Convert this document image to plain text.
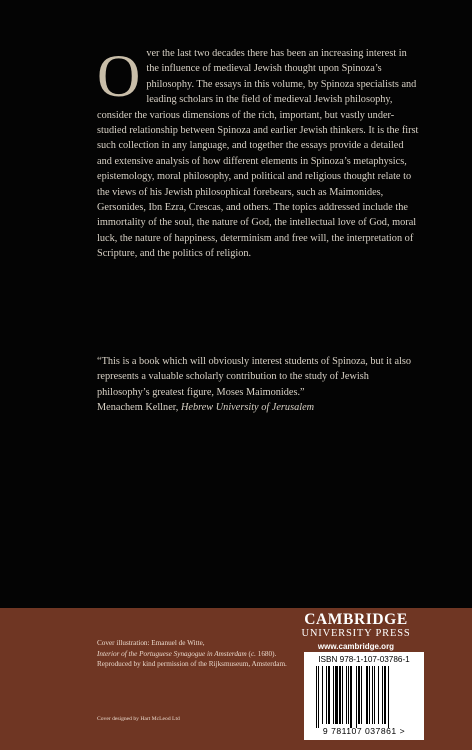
Over the last two decades there has been an increasing interest in the influence of medieval Jewish thought upon Spinoza’s philosophy. The essays in this volume, by Spinoza specialists and leading scholars in the field of medieval Jewish philosophy, consider the various dimensions of the rich, important, but vastly under-studied relationship between Spinoza and earlier Jewish thinkers. It is the first such collection in any language, and together the essays provide a detailed and extensive analysis of how different elements in Spinoza’s metaphysics, epistemology, moral philosophy, and political and religious thought relate to the views of his Jewish philosophical forebears, such as Maimonides, Gersonides, Ibn Ezra, Crescas, and others. The topics addressed include the immortality of the soul, the nature of God, the intellectual love of God, moral luck, the nature of happiness, determinism and free will, the interpretation of Scripture, and the politics of religion.
“This is a book which will obviously interest students of Spinoza, but it also represents a valuable scholarly contribution to the study of Jewish philosophy’s greatest figure, Moses Maimonides.”
Menachem Kellner, Hebrew University of Jerusalem
Cover illustration: Emanuel de Witte,
Interior of the Portuguese Synagogue in Amsterdam (c. 1680). Reproduced by kind permission of the Rijksmuseum, Amsterdam.
Cover designed by Hart McLeod Ltd
CAMBRIDGE
UNIVERSITY PRESS
www.cambridge.org
ISBN 978-1-107-03786-1
9 781107 037861 >
